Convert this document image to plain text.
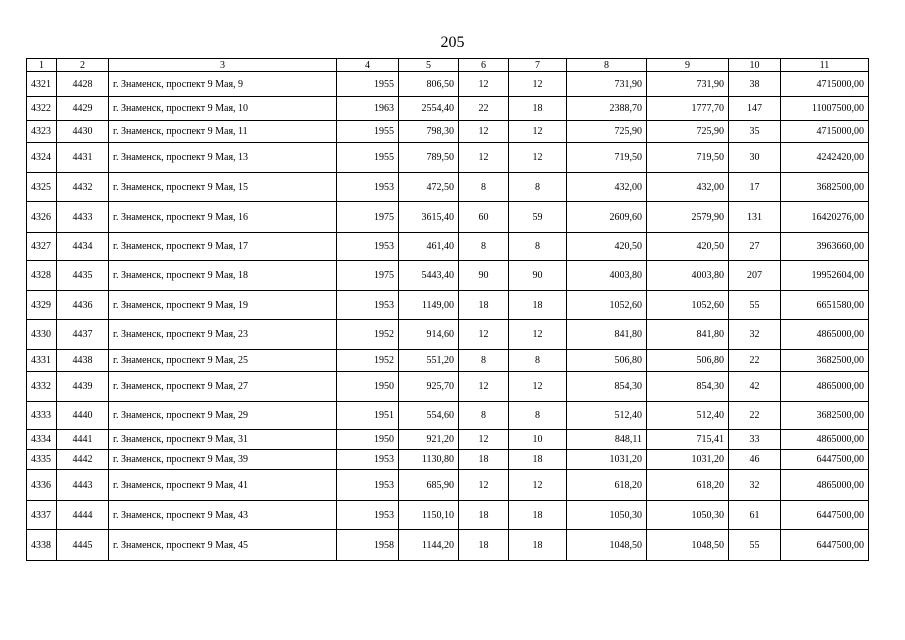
205
1	2	3	4	5	6	7	8	9	10	11
4321	4428	г. Знаменск, проспект 9 Мая, 9	1955	806,50	12	12	731,90	731,90	38	4715000,00
4322	4429	г. Знаменск, проспект 9 Мая, 10	1963	2554,40	22	18	2388,70	1777,70	147	11007500,00
4323	4430	г. Знаменск, проспект 9 Мая, 11	1955	798,30	12	12	725,90	725,90	35	4715000,00
4324	4431	г. Знаменск, проспект 9 Мая, 13	1955	789,50	12	12	719,50	719,50	30	4242420,00
4325	4432	г. Знаменск, проспект 9 Мая, 15	1953	472,50	8	8	432,00	432,00	17	3682500,00
4326	4433	г. Знаменск, проспект 9 Мая, 16	1975	3615,40	60	59	2609,60	2579,90	131	16420276,00
4327	4434	г. Знаменск, проспект 9 Мая, 17	1953	461,40	8	8	420,50	420,50	27	3963660,00
4328	4435	г. Знаменск, проспект 9 Мая, 18	1975	5443,40	90	90	4003,80	4003,80	207	19952604,00
4329	4436	г. Знаменск, проспект 9 Мая, 19	1953	1149,00	18	18	1052,60	1052,60	55	6651580,00
4330	4437	г. Знаменск, проспект 9 Мая, 23	1952	914,60	12	12	841,80	841,80	32	4865000,00
4331	4438	г. Знаменск, проспект 9 Мая, 25	1952	551,20	8	8	506,80	506,80	22	3682500,00
4332	4439	г. Знаменск, проспект 9 Мая, 27	1950	925,70	12	12	854,30	854,30	42	4865000,00
4333	4440	г. Знаменск, проспект 9 Мая, 29	1951	554,60	8	8	512,40	512,40	22	3682500,00
4334	4441	г. Знаменск, проспект 9 Мая, 31	1950	921,20	12	10	848,11	715,41	33	4865000,00
4335	4442	г. Знаменск, проспект 9 Мая, 39	1953	1130,80	18	18	1031,20	1031,20	46	6447500,00
4336	4443	г. Знаменск, проспект 9 Мая, 41	1953	685,90	12	12	618,20	618,20	32	4865000,00
4337	4444	г. Знаменск, проспект 9 Мая, 43	1953	1150,10	18	18	1050,30	1050,30	61	6447500,00
4338	4445	г. Знаменск, проспект 9 Мая, 45	1958	1144,20	18	18	1048,50	1048,50	55	6447500,00
